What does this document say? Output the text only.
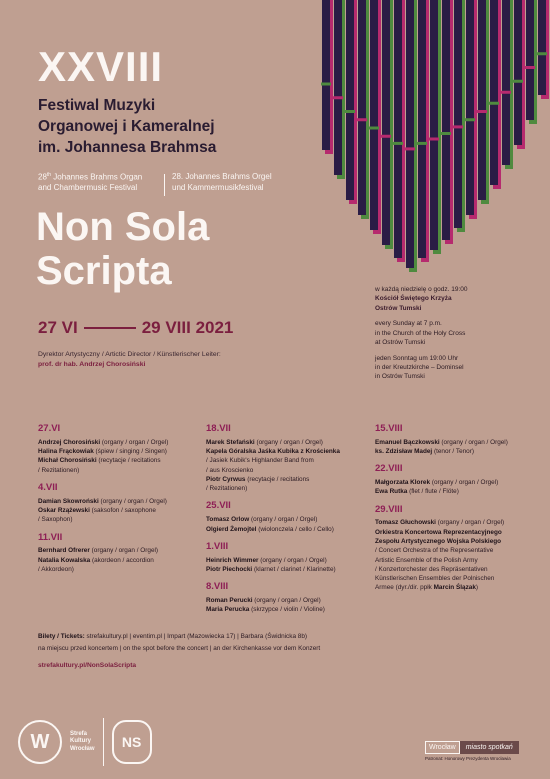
XXVIII
Festiwal Muzyki
Organowej i Kameralnej
im. Johannesa Brahmsa
28th Johannes Brahms Organ
and Chambermusic Festival
28. Johannes Brahms Orgel
und Kammermusikfestival
Non Sola
Scripta
27 VI	29 VIII 2021
Dyrektor Artystyczny / Artictic Director / Künstlerischer Leiter:
prof. dr hab. Andrzej Chorosiński
w każdą niedzielę o godz. 19:00
Kościół Świętego Krzyża
Ostrów Tumski
every Sunday at 7 p.m.
in the Church of the Holy Cross
at Ostrów Tumski
jeden Sonntag um 19:00 Uhr
in der Kreutzkirche – Dominsel
in Ostrów Tumski
27.VI
Andrzej Chorosiński (organy / organ / Orgel)
Halina Frąckowiak (śpiew / singing / Singen)
Michał Chorosiński (recytacje / recitations
/ Rezitationen)
4.VII
Damian Skowroński (organy / organ / Orgel)
Oskar Rzążewski (saksofon / saxophone
/ Saxophon)
11.VII
Bernhard Ofrerer (organy / organ / Orgel)
Natalia Kowalska (akordeon / accordion
/ Akkordeon)
18.VII
Marek Stefański (organy / organ / Orgel)
Kapela Góralska Jaśka Kubika z Krościenka
/ Jasiek Kubik's Highlander Band from
/ aus Kroscienko
Piotr Cyrwus (recytacje / recitations
/ Rezitationen)
25.VII
Tomasz Orlow (organy / organ / Orgel)
Olgierd Żemojtel (wiolonczela / cello / Cello)
1.VIII
Heinrich Wimmer (organy / organ / Orgel)
Piotr Piechocki (klarnet / clarinet / Klarinette)
8.VIII
Roman Perucki (organy / organ / Orgel)
Maria Perucka (skrzypce / violin / Violine)
15.VIII
Emanuel Bączkowski (organy / organ / Orgel)
ks. Zdzisław Madej (tenor / Tenor)
22.VIII
Małgorzata Klorek (organy / organ / Orgel)
Ewa Rutka (flet / flute / Flöte)
29.VIII
Tomasz Głuchowski (organy / organ / Orgel)
Orkiestra Koncertowa Reprezentacyjnego
Zespołu Artystycznego Wojska Polskiego
/ Concert Orchestra of the Representative
Artistic Ensemble of the Polish Army
/ Konzertorchester des Repräsentativen
Künstlerischen Ensembles der Polnischen
Armee (dyr./dir. ppłk Marcin Ślązak)
Bilety / Tickets: strefakultury.pl | eventim.pl | Impart (Mazowiecka 17) | Barbara (Świdnicka 8b)
na miejscu przed koncertem | on the spot before the concert | an der Kirchenkasse vor dem Konzert
strefakultury.pl/NonSolaScripta
W	Strefa
Kultury
Wrocław	NS	Wrocław	miasto spotkań
Patronat: Honorowy Prezydenta Wrocławia
